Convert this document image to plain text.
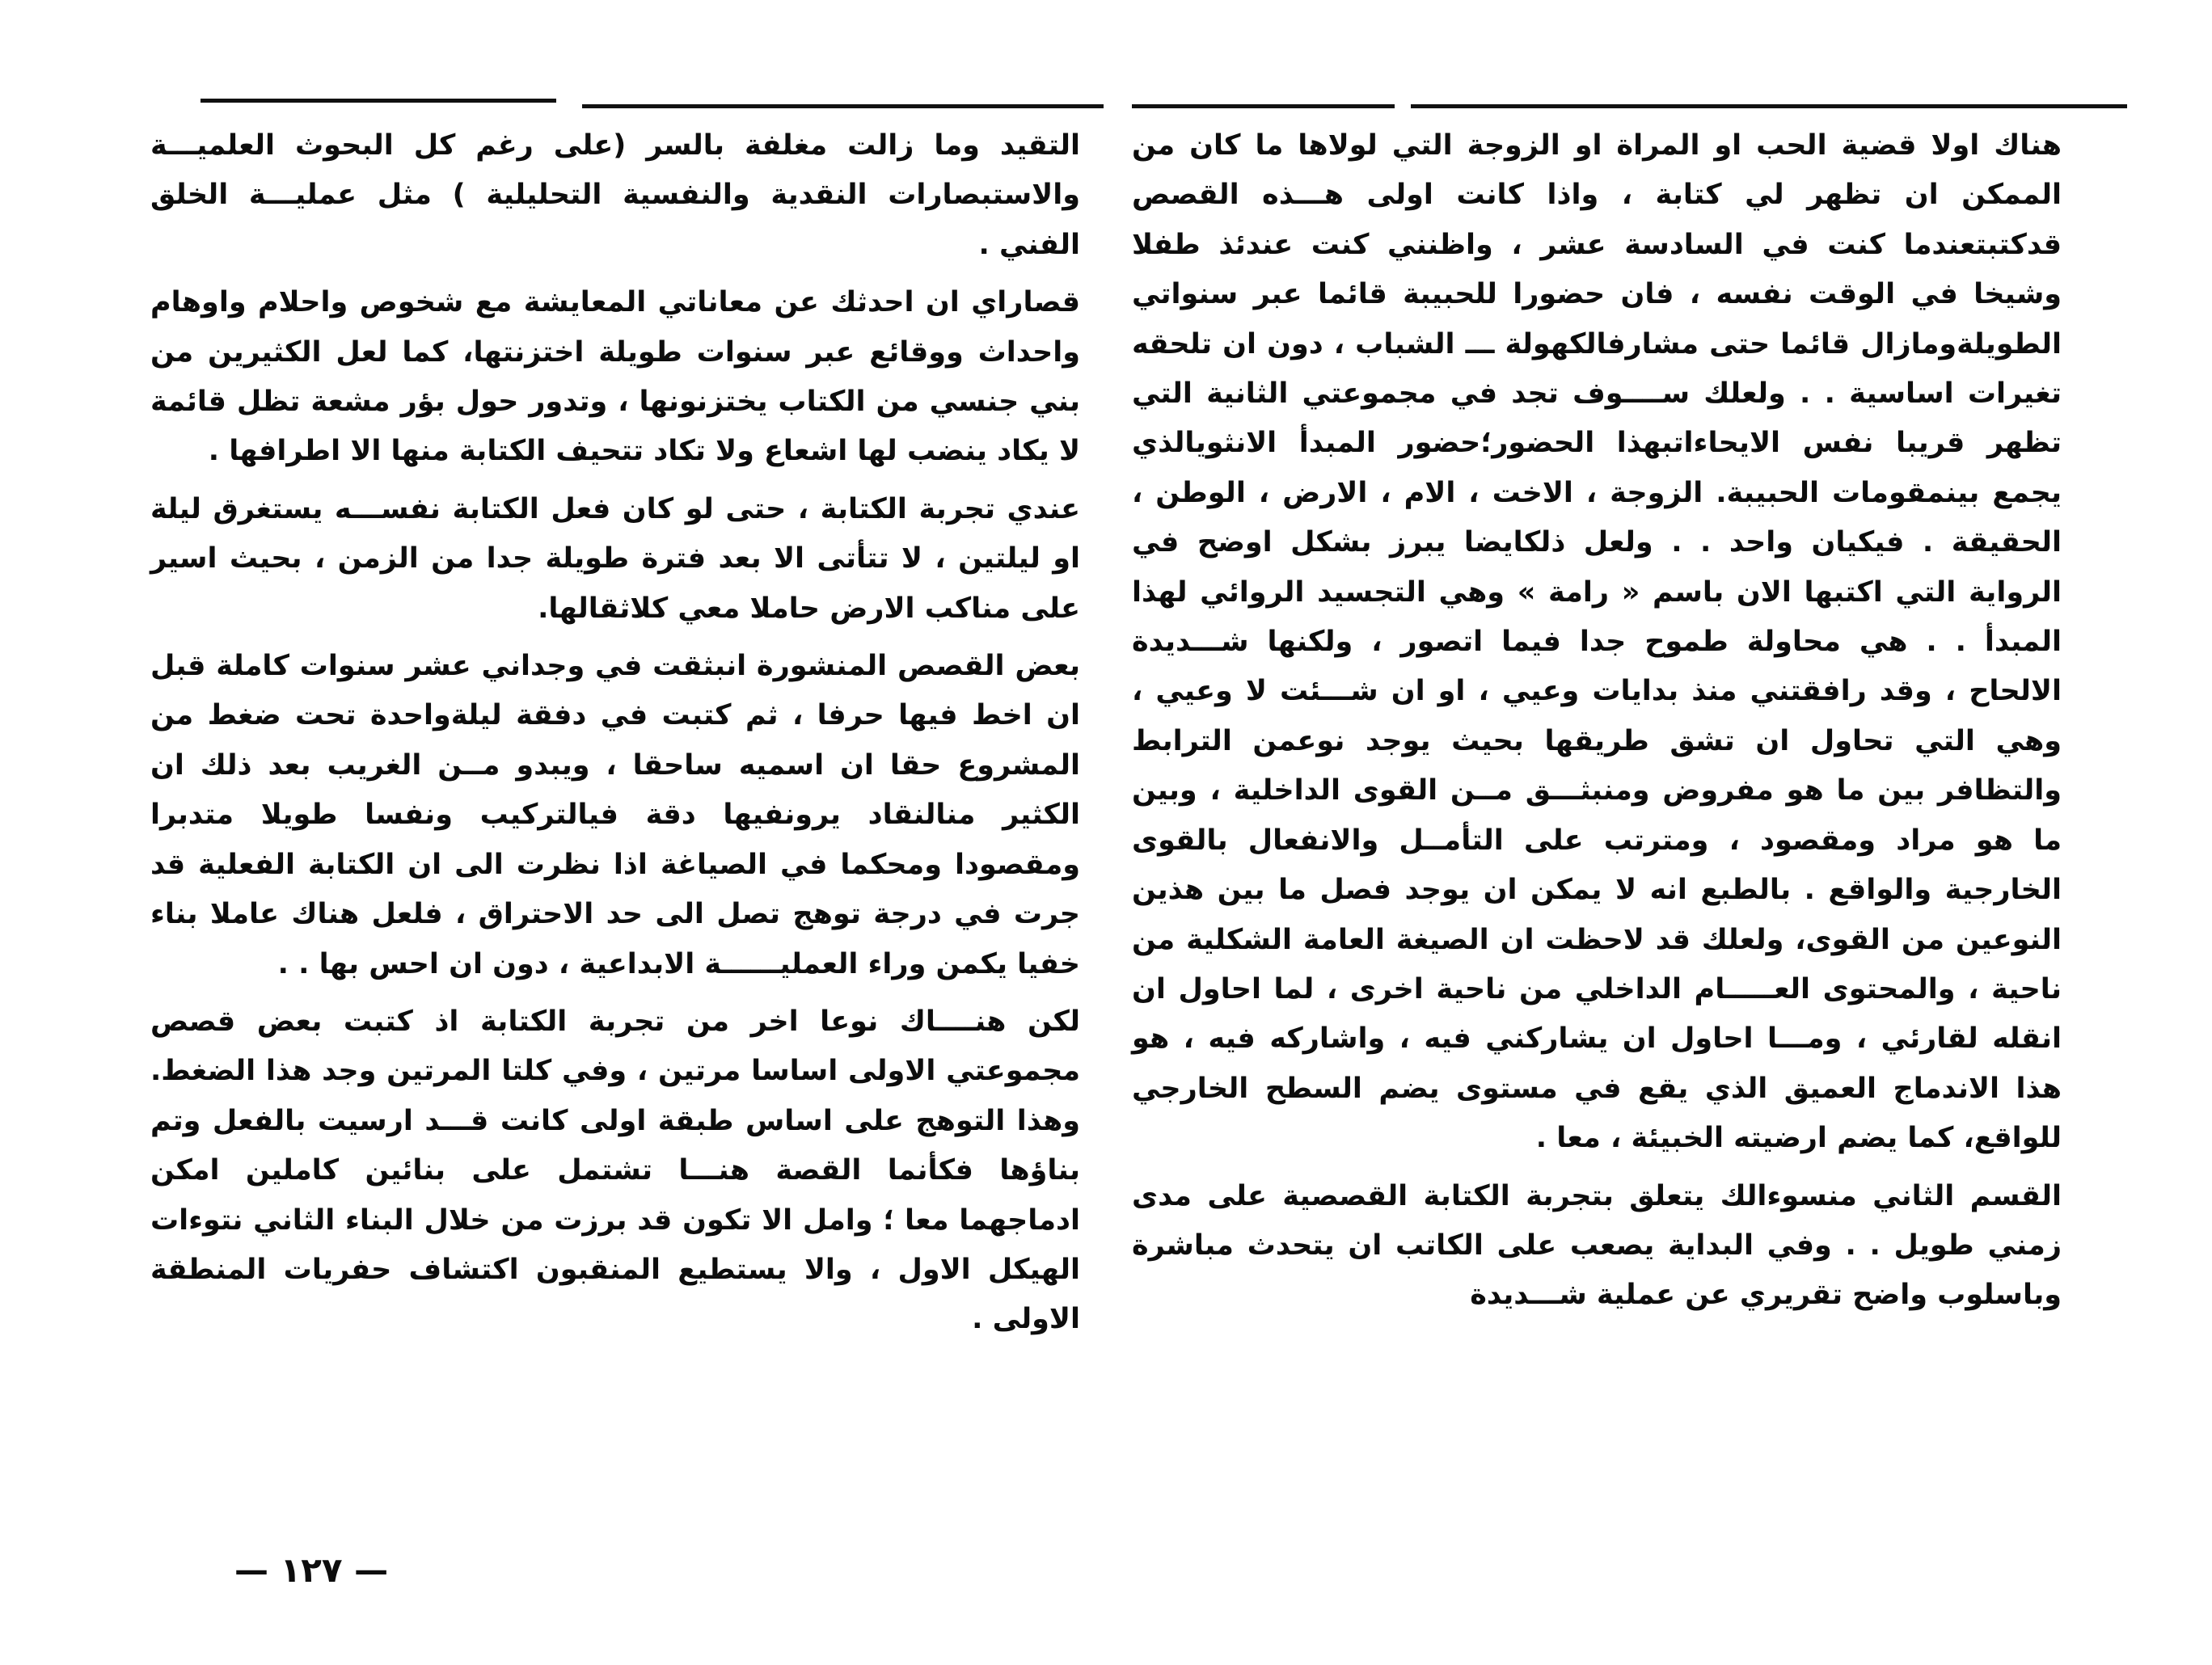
هناك اولا قضية الحب او المراة او الزوجة التي لولاها ما كان من الممكن ان تظهر لي كتابة ، واذا كانت اولى هـــذه القصص قدكتبتعندما كنت في السادسة عشر ، واظنني كنت عندئذ طفلا وشيخا في الوقت نفسه ، فان حضورا للحبيبة قائما عبر سنواتي الطويلةومازال قائما حتى مشارفالكهولة ـــ الشباب ، دون ان تلحقه تغيرات اساسية . . ولعلك ســــوف تجد في مجموعتي الثانية التي تظهر قريبا نفس الايحاءاتبهذا الحضور؛حضور المبدأ الانثويالذي يجمع بينمقومات الحبيبة. الزوجة ، الاخت ، الام ، الارض ، الوطن ، الحقيقة . فيكيان واحد . . ولعل ذلكايضا يبرز بشكل اوضح في الرواية التي اكتبها الان باسم « رامة » وهي التجسيد الروائي لهذا المبدأ . . هي محاولة طموح جدا فيما اتصور ، ولكنها شـــديدة الالحاح ، وقد رافقتني منذ بدايات وعيي ، او ان شـــئت لا وعيي ، وهي التي تحاول ان تشق طريقها بحيث يوجد نوعمن الترابط والتظافر بين ما هو مفروض ومنبثـــق مــن القوى الداخلية ، وبين ما هو مراد ومقصود ، ومترتب على التأمــل والانفعال بالقوى الخارجية والواقع . بالطبع انه لا يمكن ان يوجد فصل ما بين هذين النوعين من القوى، ولعلك قد لاحظت ان الصيغة العامة الشكلية من ناحية ، والمحتوى العـــــام الداخلي من ناحية اخرى ، لما احاول ان انقله لقارئي ، ومـــا احاول ان يشاركني فيه ، واشاركه فيه ، هو هذا الاندماج العميق الذي يقع في مستوى يضم السطح الخارجي للواقع، كما يضم ارضيته الخبيئة ، معا .

القسم الثاني منسوءالك يتعلق بتجربة الكتابة القصصية على مدى زمني طويل . . وفي البداية يصعب على الكاتب ان يتحدث مباشرة وباسلوب واضح تقريري عن عملية شـــديدة

التقيد وما زالت مغلفة بالسر (على رغم كل البحوث العلميـــة والاستبصارات النقدية والنفسية التحليلية ) مثل عمليـــة الخلق الفني .

قصاراي ان احدثك عن معاناتي المعايشة مع شخوص واحلام واوهام واحداث ووقائع عبر سنوات طويلة اختزنتها، كما لعل الكثيرين من بني جنسي من الكتاب يختزنونها ، وتدور حول بؤر مشعة تظل قائمة لا يكاد ينضب لها اشعاع ولا تكاد تتحيف الكتابة منها الا اطرافها .

عندي تجربة الكتابة ، حتى لو كان فعل الكتابة نفســـه يستغرق ليلة او ليلتين ، لا تتأتى الا بعد فترة طويلة جدا من الزمن ، بحيث اسير على مناكب الارض حاملا معي كلاثقالها.

بعض القصص المنشورة انبثقت في وجداني عشر سنوات كاملة قبل ان اخط فيها حرفا ، ثم كتبت في دفقة ليلةواحدة تحت ضغط من المشروع حقا ان اسميه ساحقا ، ويبدو مــن الغريب بعد ذلك ان الكثير منالنقاد يرونفيها دقة فيالتركيب ونفسا طويلا متدبرا ومقصودا ومحكما في الصياغة اذا نظرت الى ان الكتابة الفعلية قد جرت في درجة توهج تصل الى حد الاحتراق ، فلعل هناك عاملا بناء خفيا يكمن وراء العمليــــــة الابداعية ، دون ان احس بها . .

لكن هنــــاك نوعا اخر من تجربة الكتابة اذ كتبت بعض قصص مجموعتي الاولى اساسا مرتين ، وفي كلتا المرتين وجد هذا الضغط. وهذا التوهج على اساس طبقة اولى كانت قـــد ارسيت بالفعل وتم بناؤها فكأنما القصة هنـــا تشتمل على بنائين كاملين امكن ادماجهما معا ؛ وامل الا تكون قد برزت من خلال البناء الثاني نتوءات الهيكل الاول ، والا يستطيع المنقبون اكتشاف حفريات المنطقة الاولى .

— ١٢٧ —
